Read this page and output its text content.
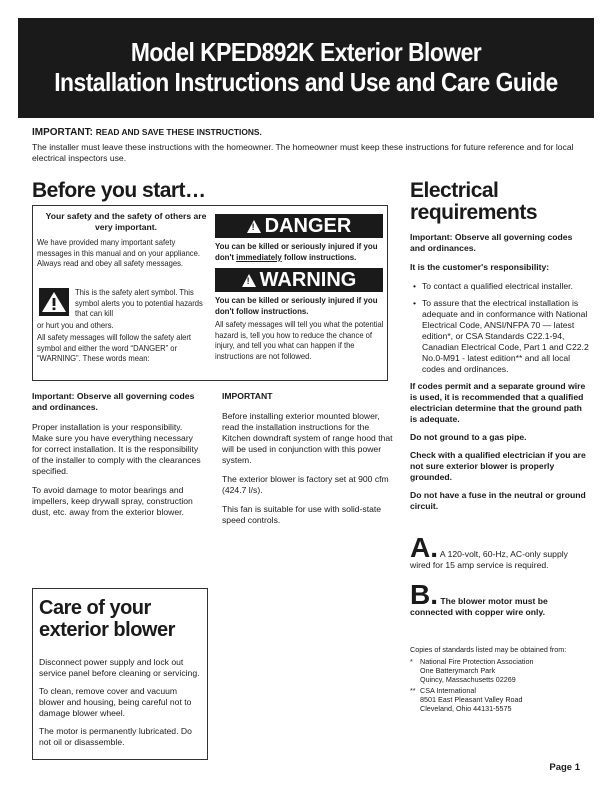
Model KPED892K Exterior Blower
Installation Instructions and Use and Care Guide
IMPORTANT: READ AND SAVE THESE INSTRUCTIONS.

The installer must leave these instructions with the homeowner. The homeowner must keep these instructions for future reference and for local electrical inspectors use.

Before you start…
Your safety and the safety of others are very important.
We have provided many important safety messages in this manual and on your appliance. Always read and obey all safety messages.
This is the safety alert symbol. This symbol alerts you to potential hazards that can kill
or hurt you and others.
All safety messages will follow the safety alert symbol and either the word “DANGER” or “WARNING”. These words mean:
! DANGER
You can be killed or seriously injured if you don't immediately follow instructions.
! WARNING
You can be killed or seriously injured if you don't follow instructions.
All safety messages will tell you what the potential hazard is, tell you how to reduce the chance of injury, and tell you what can happen if the instructions are not followed.

Important: Observe all governing codes and ordinances.

Proper installation is your responsibility. Make sure you have everything necessary for correct installation. It is the responsibility of the installer to comply with the clearances specified.

To avoid damage to motor bearings and impellers, keep drywall spray, construction dust, etc. away from the exterior blower.

IMPORTANT

Before installing exterior mounted blower, read the installation instructions for the Kitchen downdraft system of range hood that will be used in conjunction with this power system.

The exterior blower is factory set at 900 cfm (424.7 l/s).

This fan is suitable for use with solid-state speed controls.

Care of your
exterior blower

Disconnect power supply and lock out service panel before cleaning or servicing.

To clean, remove cover and vacuum blower and housing, being careful not to damage blower wheel.

The motor is permanently lubricated. Do not oil or disassemble.

Electrical
requirements

Important: Observe all governing codes and ordinances.

It is the customer's responsibility:

• To contact a qualified electrical installer.
• To assure that the electrical installation is adequate and in conformance with National Electrical Code, ANSI/NFPA 70 — latest edition*, or CSA Standards C22.1-94, Canadian Electrical Code, Part 1 and C22.2 No.0-M91 - latest edition** and all local codes and ordinances.

If codes permit and a separate ground wire is used, it is recommended that a qualified electrician determine that the ground path is adequate.

Do not ground to a gas pipe.

Check with a qualified electrician if you are not sure exterior blower is properly grounded.

Do not have a fuse in the neutral or ground circuit.

A. A 120-volt, 60-Hz, AC-only supply wired for 15 amp service is required.

B. The blower motor must be connected with copper wire only.

Copies of standards listed may be obtained from:

* National Fire Protection Association
One Batterymarch Park
Quincy, Massachusetts 02269
** CSA International
8501 East Pleasant Valley Road
Cleveland, Ohio 44131-5575
Page 1
